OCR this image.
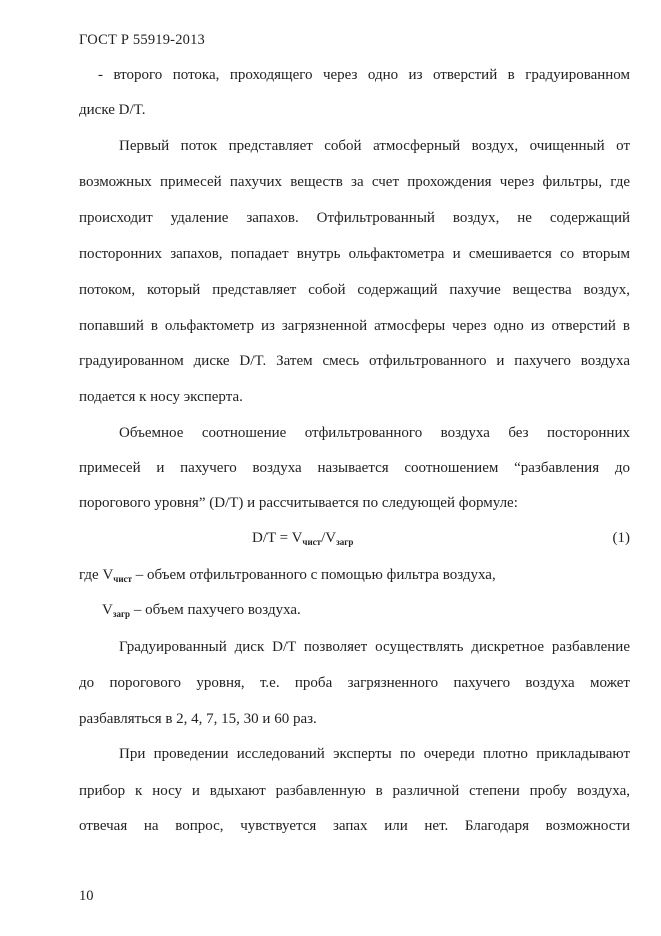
ГОСТ Р 55919-2013
- второго потока, проходящего через одно из отверстий в градуированном
диске D/T.
Первый поток представляет собой атмосферный воздух, очищенный от
возможных примесей пахучих веществ за счет прохождения через фильтры, где
происходит удаление запахов. Отфильтрованный воздух, не содержащий
посторонних запахов, попадает внутрь ольфактометра и смешивается со вторым
потоком, который представляет собой содержащий пахучие вещества воздух,
попавший в ольфактометр из загрязненной атмосферы через одно из отверстий в
градуированном диске D/T. Затем смесь отфильтрованного и пахучего воздуха
подается к носу эксперта.
Объемное соотношение отфильтрованного воздуха без посторонних
примесей и пахучего воздуха называется соотношением “разбавления до
порогового уровня” (D/T) и рассчитывается по следующей формуле:
$D/T = V_{чист}/V_{загр}$	(1)
где $V_{чист}$ – объем отфильтрованного с помощью фильтра воздуха,
$V_{загр}$ – объем пахучего воздуха.
Градуированный диск D/T позволяет осуществлять дискретное разбавление
до порогового уровня, т.е. проба загрязненного пахучего воздуха может
разбавляться в 2, 4, 7, 15, 30 и 60 раз.
При проведении исследований эксперты по очереди плотно прикладывают
прибор к носу и вдыхают разбавленную в различной степени пробу воздуха,
отвечая на вопрос, чувствуется запах или нет. Благодаря возможности
10
